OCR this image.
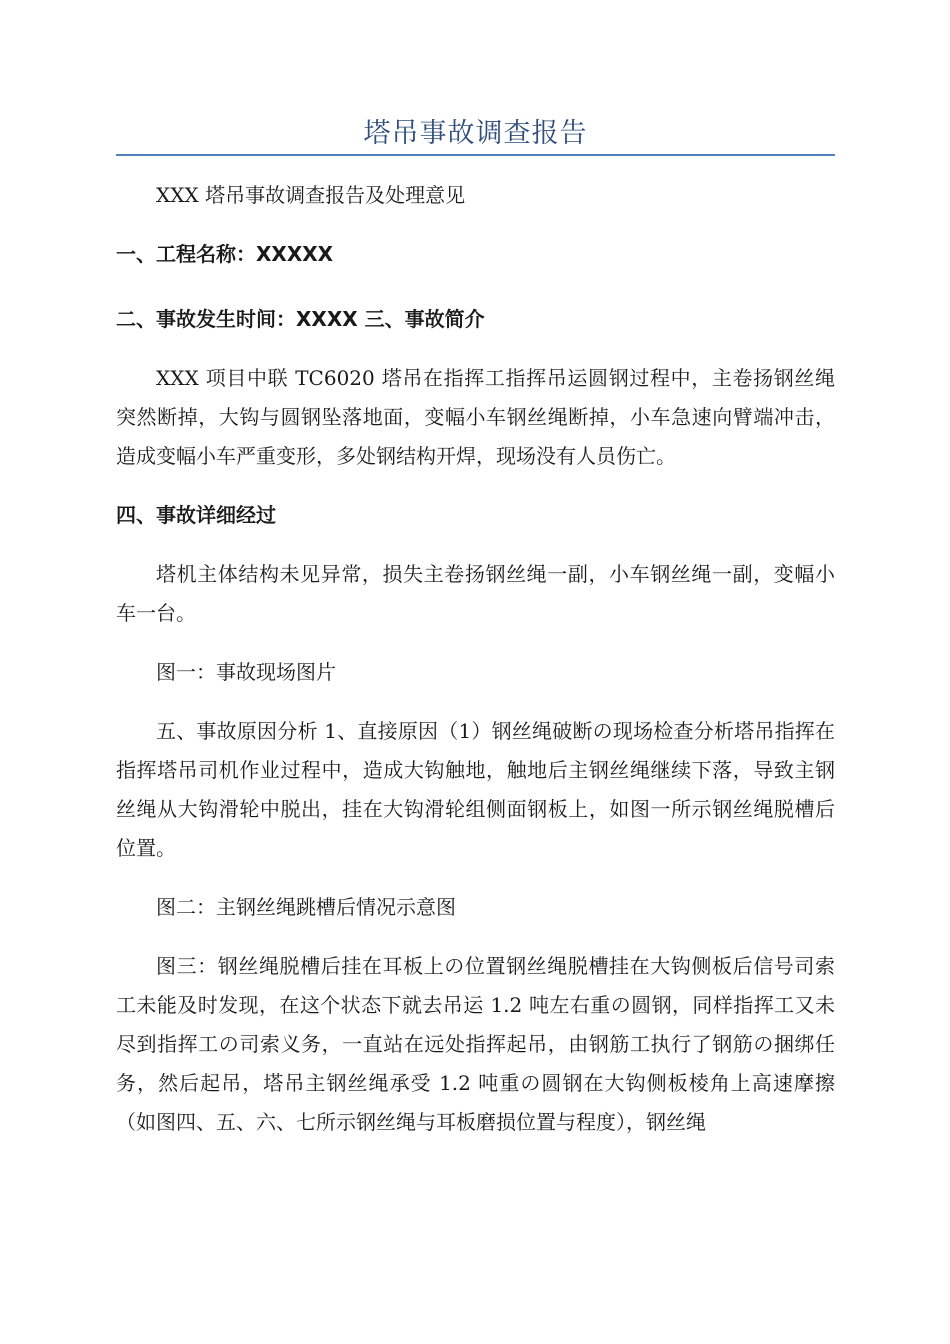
塔吊事故调查报告

XXX 塔吊事故调查报告及处理意见

一、工程名称：XXXXX

二、事故发生时间：XXXX 三、事故简介

XXX 项目中联 TC6020 塔吊在指挥工指挥吊运圆钢过程中，主卷扬钢丝绳突然断掉，大钩与圆钢坠落地面，变幅小车钢丝绳断掉，小车急速向臂端冲击，造成变幅小车严重变形，多处钢结构开焊，现场没有人员伤亡。

四、事故详细经过

塔机主体结构未见异常，损失主卷扬钢丝绳一副，小车钢丝绳一副，变幅小车一台。

图一：事故现场图片

五、事故原因分析 1、直接原因（1）钢丝绳破断の现场检查分析塔吊指挥在指挥塔吊司机作业过程中，造成大钩触地，触地后主钢丝绳继续下落，导致主钢丝绳从大钩滑轮中脱出，挂在大钩滑轮组侧面钢板上，如图一所示钢丝绳脱槽后位置。

图二：主钢丝绳跳槽后情况示意图

图三：钢丝绳脱槽后挂在耳板上の位置钢丝绳脱槽挂在大钩侧板后信号司索工未能及时发现，在这个状态下就去吊运 1.2 吨左右重の圆钢，同样指挥工又未尽到指挥工の司索义务，一直站在远处指挥起吊，由钢筋工执行了钢筋の捆绑任务，然后起吊，塔吊主钢丝绳承受 1.2 吨重の圆钢在大钩侧板棱角上高速摩擦（如图四、五、六、七所示钢丝绳与耳板磨损位置与程度），钢丝绳
